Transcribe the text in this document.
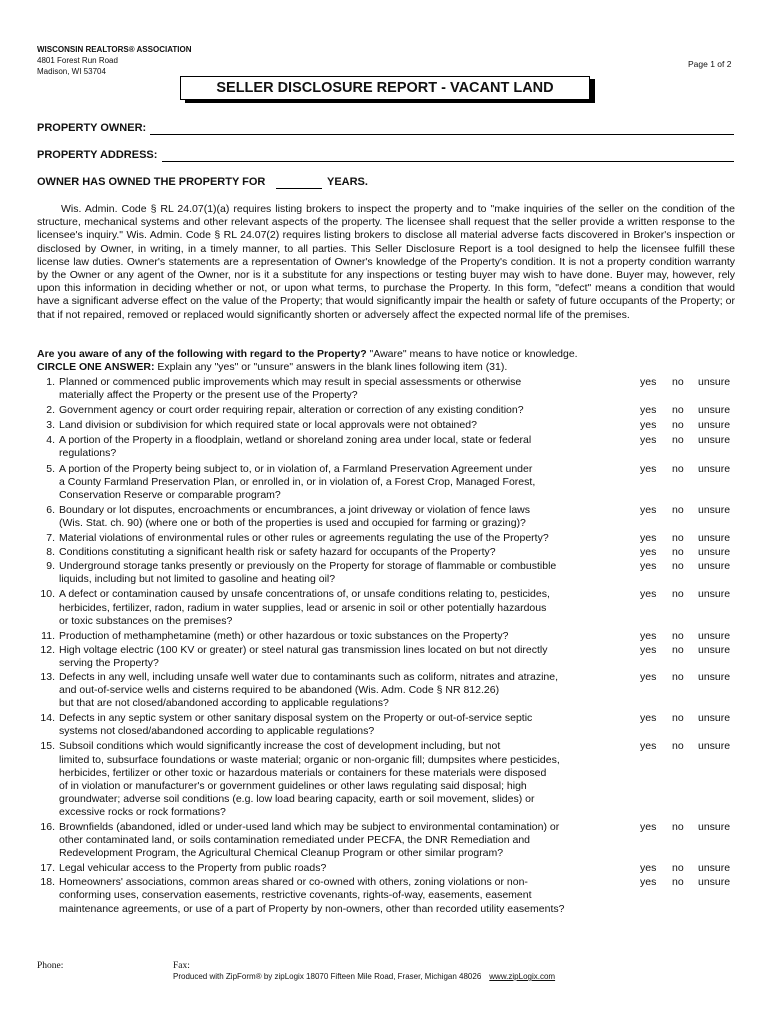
WISCONSIN REALTORS® ASSOCIATION
4801 Forest Run Road
Madison, WI 53704
Page 1 of 2
SELLER DISCLOSURE REPORT - VACANT LAND
PROPERTY OWNER:
PROPERTY ADDRESS:
OWNER HAS OWNED THE PROPERTY FOR	YEARS.
Wis. Admin. Code § RL 24.07(1)(a) requires listing brokers to inspect the property and to "make inquiries of the seller on the condition of the structure, mechanical systems and other relevant aspects of the property. The licensee shall request that the seller provide a written response to the licensee's inquiry." Wis. Admin. Code § RL 24.07(2) requires listing brokers to disclose all material adverse facts discovered in Broker's inspection or disclosed by Owner, in writing, in a timely manner, to all parties. This Seller Disclosure Report is a tool designed to help the licensee fulfill these license law duties. Owner's statements are a representation of Owner's knowledge of the Property's condition. It is not a property condition warranty by the Owner or any agent of the Owner, nor is it a substitute for any inspections or testing buyer may wish to have done. Buyer may, however, rely upon this information in deciding whether or not, or upon what terms, to purchase the Property. In this form, "defect" means a condition that would have a significant adverse effect on the value of the Property; that would significantly impair the health or safety of future occupants of the Property; or that if not repaired, removed or replaced would significantly shorten or adversely affect the expected normal life of the premises.
Are you aware of any of the following with regard to the Property? "Aware" means to have notice or knowledge.
CIRCLE ONE ANSWER: Explain any "yes" or "unsure" answers in the blank lines following item (31).
1. Planned or commenced public improvements which may result in special assessments or otherwise
materially affect the Property or the present use of the Property?
yes no unsure
2. Government agency or court order requiring repair, alteration or correction of any existing condition?	yes no unsure
3. Land division or subdivision for which required state or local approvals were not obtained?	yes no unsure
4. A portion of the Property in a floodplain, wetland or shoreland zoning area under local, state or federal
regulations?
yes no unsure
5. A portion of the Property being subject to, or in violation of, a Farmland Preservation Agreement under
a County Farmland Preservation Plan, or enrolled in, or in violation of, a Forest Crop, Managed Forest,
Conservation Reserve or comparable program?
yes no unsure
6. Boundary or lot disputes, encroachments or encumbrances, a joint driveway or violation of fence laws
(Wis. Stat. ch. 90) (where one or both of the properties is used and occupied for farming or grazing)?
yes no unsure
7. Material violations of environmental rules or other rules or agreements regulating the use of the Property?	yes no unsure
8. Conditions constituting a significant health risk or safety hazard for occupants of the Property?	yes no unsure
9. Underground storage tanks presently or previously on the Property for storage of flammable or combustible
liquids, including but not limited to gasoline and heating oil?
yes no unsure
10. A defect or contamination caused by unsafe concentrations of, or unsafe conditions relating to, pesticides,
herbicides, fertilizer, radon, radium in water supplies, lead or arsenic in soil or other potentially hazardous
or toxic substances on the premises?
yes no unsure
11. Production of methamphetamine (meth) or other hazardous or toxic substances on the Property?	yes no unsure
12. High voltage electric (100 KV or greater) or steel natural gas transmission lines located on but not directly
serving the Property?
yes no unsure
13. Defects in any well, including unsafe well water due to contaminants such as coliform, nitrates and atrazine,
and out-of-service wells and cisterns required to be abandoned (Wis. Adm. Code § NR 812.26)
but that are not closed/abandoned according to applicable regulations?
yes no unsure
14. Defects in any septic system or other sanitary disposal system on the Property or out-of-service septic
systems not closed/abandoned according to applicable regulations?
yes no unsure
15. Subsoil conditions which would significantly increase the cost of development including, but not
limited to, subsurface foundations or waste material; organic or non-organic fill; dumpsites where pesticides,
herbicides, fertilizer or other toxic or hazardous materials or containers for these materials were disposed
of in violation or manufacturer's or government guidelines or other laws regulating said disposal; high
groundwater; adverse soil conditions (e.g. low load bearing capacity, earth or soil movement, slides) or
excessive rocks or rock formations?
yes no unsure
16. Brownfields (abandoned, idled or under-used land which may be subject to environmental contamination) or
other contaminated land, or soils contamination remediated under PECFA, the DNR Remediation and
Redevelopment Program, the Agricultural Chemical Cleanup Program or other similar program?
yes no unsure
17. Legal vehicular access to the Property from public roads?	yes no unsure
18. Homeowners' associations, common areas shared or co-owned with others, zoning violations or non-
conforming uses, conservation easements, restrictive covenants, rights-of-way, easements, easement
maintenance agreements, or use of a part of Property by non-owners, other than recorded utility easements?
yes no unsure
Phone:	Fax:
Produced with ZipForm® by zipLogix 18070 Fifteen Mile Road, Fraser, Michigan 48026 www.zipLogix.com
